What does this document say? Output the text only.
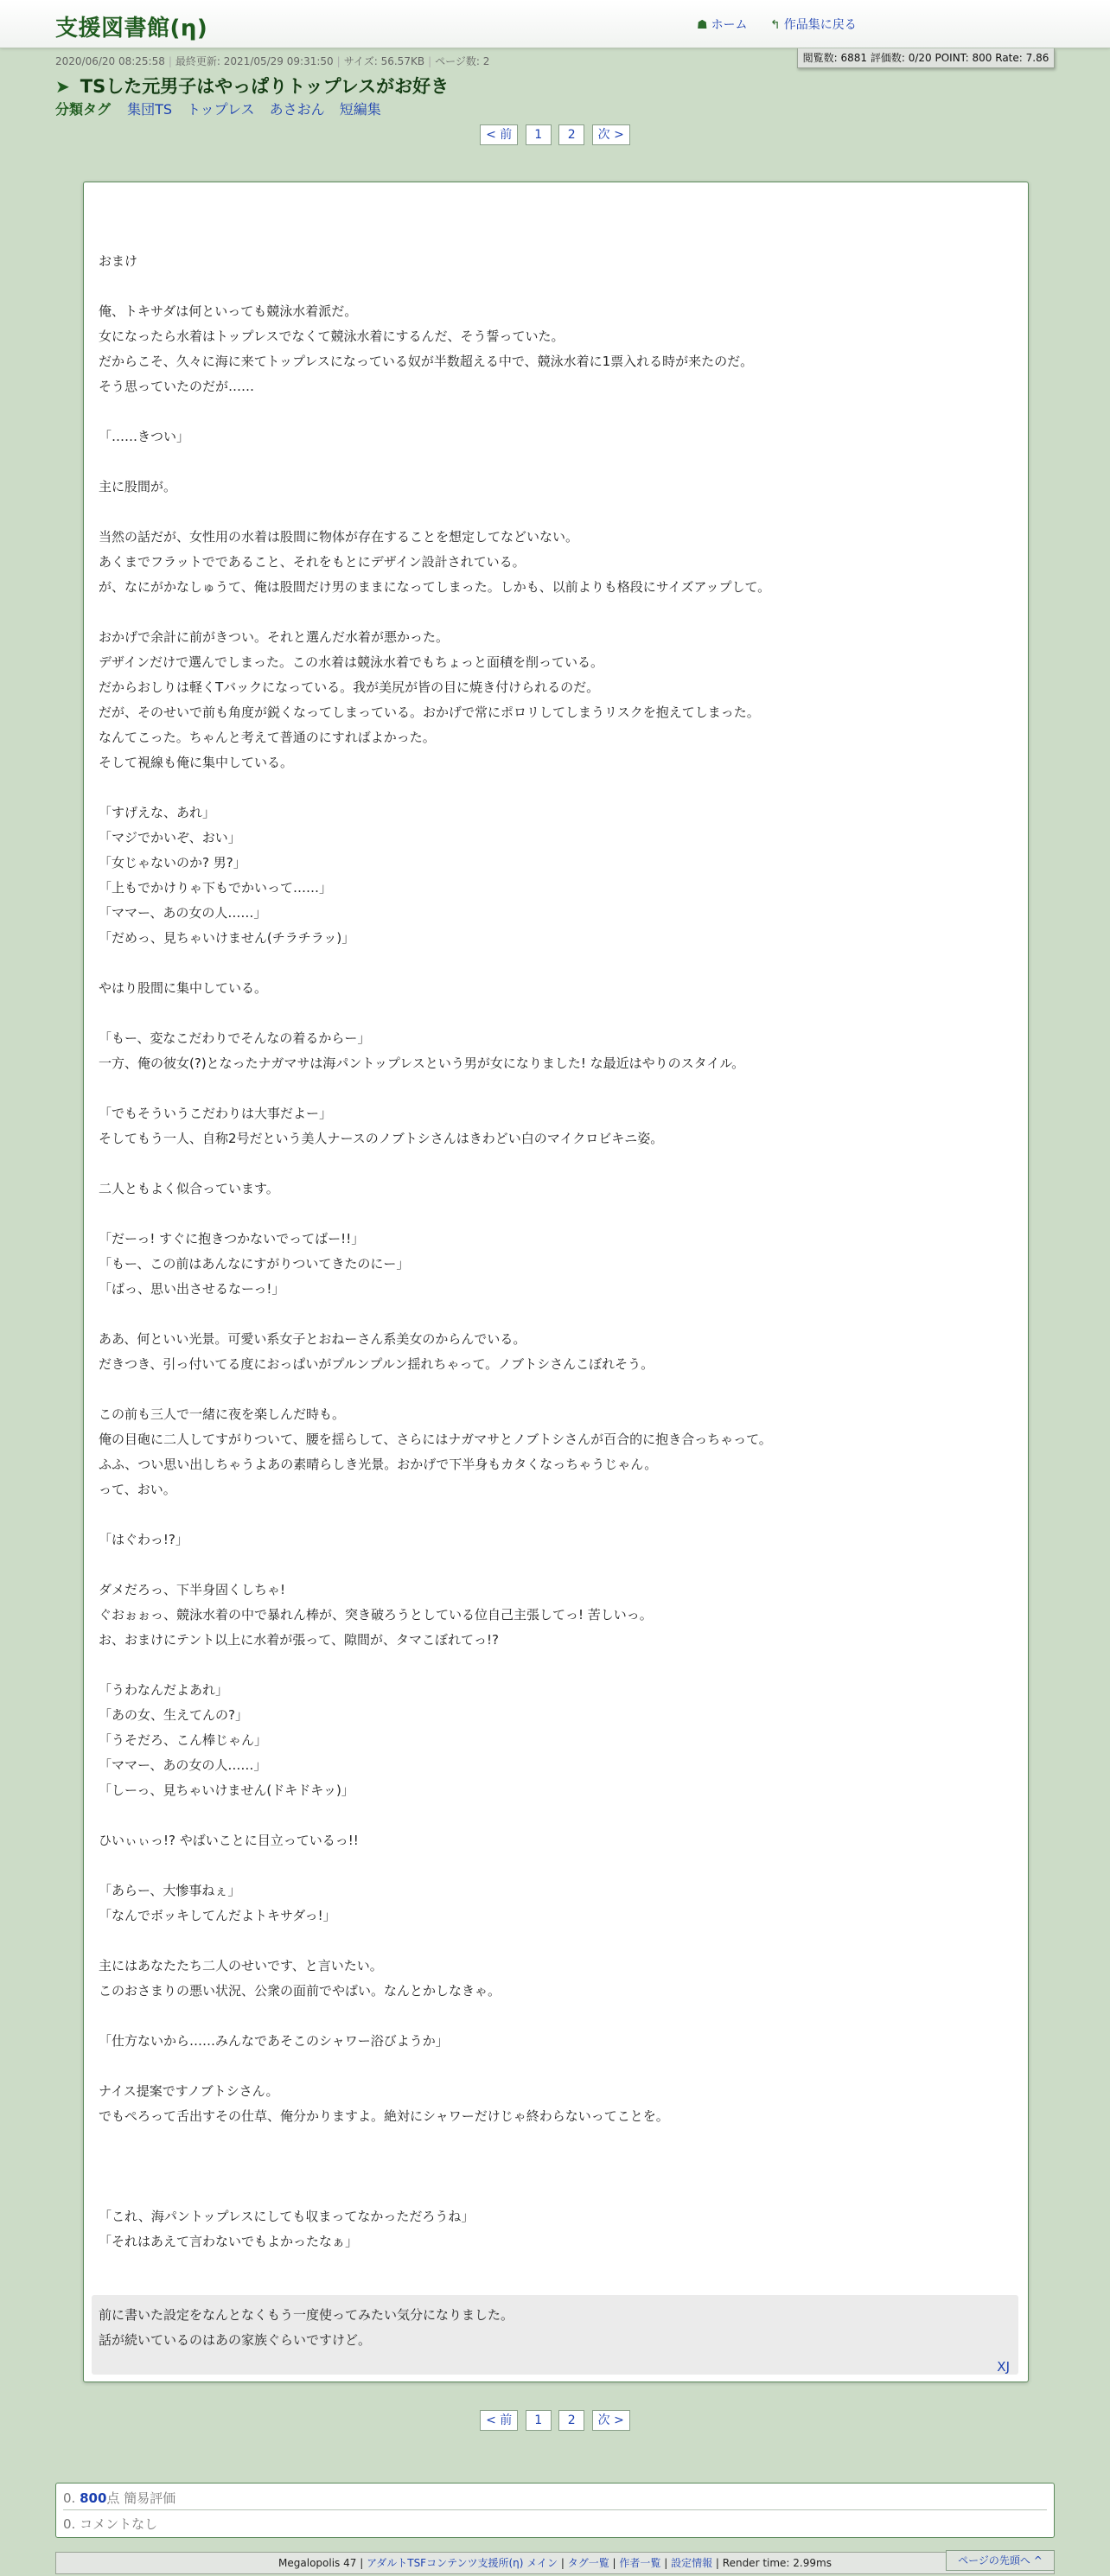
支援図書館(η)	☗ ホーム ↰ 作品集に戻る
閲覧数: 6881 評価数: 0/20 POINT: 800 Rate: 7.86
2020/06/20 08:25:58 | 最終更新: 2021/05/29 09:31:50 | サイズ: 56.57KB | ページ数: 2
➤ TSした元男子はやっぱりトップレスがお好き
分類タグ 集団TS トップレス あさおん 短編集
< 前 1 2 次 >

おまけ

俺、トキサダは何といっても競泳水着派だ。

女になったら水着はトップレスでなくて競泳水着にするんだ、そう誓っていた。

だからこそ、久々に海に来てトップレスになっている奴が半数超える中で、競泳水着に1票入れる時が来たのだ。

そう思っていたのだが……

「……きつい」

主に股間が。

当然の話だが、女性用の水着は股間に物体が存在することを想定してなどいない。

あくまでフラットでであること、それをもとにデザイン設計されている。

が、なにがかなしゅうて、俺は股間だけ男のままになってしまった。しかも、以前よりも格段にサイズアップして。

おかげで余計に前がきつい。それと選んだ水着が悪かった。

デザインだけで選んでしまった。この水着は競泳水着でもちょっと面積を削っている。

だからおしりは軽くTバックになっている。我が美尻が皆の目に焼き付けられるのだ。

だが、そのせいで前も角度が鋭くなってしまっている。おかげで常にポロリしてしまうリスクを抱えてしまった。

なんてこった。ちゃんと考えて普通のにすればよかった。

そして視線も俺に集中している。

「すげえな、あれ」

「マジでかいぞ、おい」

「女じゃないのか? 男?」

「上もでかけりゃ下もでかいって……」

「ママー、あの女の人……」

「だめっ、見ちゃいけません(チラチラッ)」

やはり股間に集中している。

「もー、変なこだわりでそんなの着るからー」

一方、俺の彼女(?)となったナガマサは海パントップレスという男が女になりました! な最近はやりのスタイル。

「でもそういうこだわりは大事だよー」

そしてもう一人、自称2号だという美人ナースのノブトシさんはきわどい白のマイクロビキニ姿。

二人ともよく似合っています。

「だーっ! すぐに抱きつかないでってばー!!」

「もー、この前はあんなにすがりついてきたのにー」

「ばっ、思い出させるなーっ!」

ああ、何といい光景。可愛い系女子とおねーさん系美女のからんでいる。

だきつき、引っ付いてる度におっぱいがプルンプルン揺れちゃって。ノブトシさんこぼれそう。

この前も三人で一緒に夜を楽しんだ時も。

俺の目砲に二人してすがりついて、腰を揺らして、さらにはナガマサとノブトシさんが百合的に抱き合っちゃって。

ふふ、つい思い出しちゃうよあの素晴らしき光景。おかげで下半身もカタくなっちゃうじゃん。

って、おい。

「はぐわっ!?」

ダメだろっ、下半身固くしちゃ!

ぐおぉぉっ、競泳水着の中で暴れん棒が、突き破ろうとしている位自己主張してっ! 苦しいっ。

お、おまけにテント以上に水着が張って、隙間が、タマこぼれてっ!?

「うわなんだよあれ」

「あの女、生えてんの?」

「うそだろ、こん棒じゃん」

「ママー、あの女の人……」

「しーっ、見ちゃいけません(ドキドキッ)」

ひいぃぃっ!? やばいことに目立っているっ!!

「あらー、大惨事ねぇ」

「なんでボッキしてんだよトキサダっ!」

主にはあなたたち二人のせいです、と言いたい。

このおさまりの悪い状況、公衆の面前でやばい。なんとかしなきゃ。

「仕方ないから……みんなであそこのシャワー浴びようか」

ナイス提案ですノブトシさん。

でもぺろって舌出すその仕草、俺分かりますよ。絶対にシャワーだけじゃ終わらないってことを。

「これ、海パントップレスにしても収まってなかっただろうね」

「それはあえて言わないでもよかったなぁ」

前に書いた設定をなんとなくもう一度使ってみたい気分になりました。

話が続いているのはあの家族ぐらいですけど。

XJ
< 前 1 2 次 >
0. 800点 簡易評価
0. コメントなし
Megalopolis 47 | アダルトTSFコンテンツ支援所(η) メイン | タグ一覧 | 作者一覧 | 設定情報 | Render time: 2.99ms	ページの先頭へ ^
